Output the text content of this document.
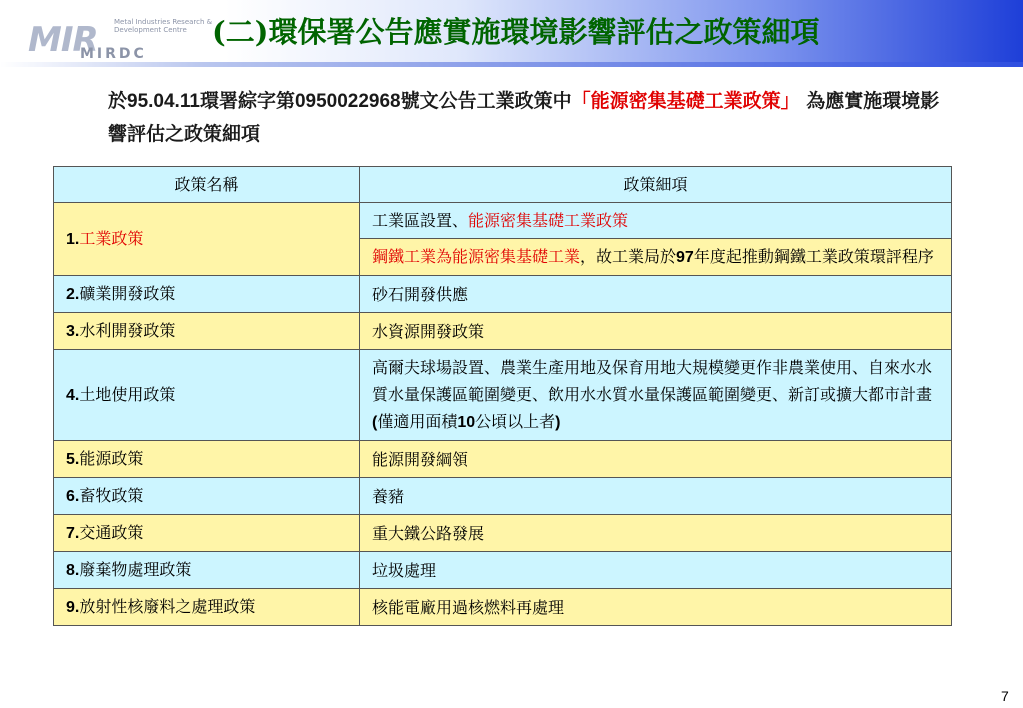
MIR Metal Industries Research & Development Centre
MIRDC
(二)環保署公告應實施環境影響評估之政策細項
於95.04.11環署綜字第0950022968號文公告工業政策中「能源密集基礎工業政策」 為應實施環境影響評估之政策細項
政策名稱	政策細項
1.工業政策	工業區設置、能源密集基礎工業政策
	鋼鐵工業為能源密集基礎工業，故工業局於97年度起推動鋼鐵工業政策環評程序
2.礦業開發政策	砂石開發供應
3.水利開發政策	水資源開發政策
4.土地使用政策	高爾夫球場設置、農業生產用地及保育用地大規模變更作非農業使用、自來水水質水量保護區範圍變更、飲用水水質水量保護區範圍變更、新訂或擴大都市計畫(僅適用面積10公頃以上者)
5.能源政策	能源開發綱領
6.畜牧政策	養豬
7.交通政策	重大鐵公路發展
8.廢棄物處理政策	垃圾處理
9.放射性核廢料之處理政策	核能電廠用過核燃料再處理
7
